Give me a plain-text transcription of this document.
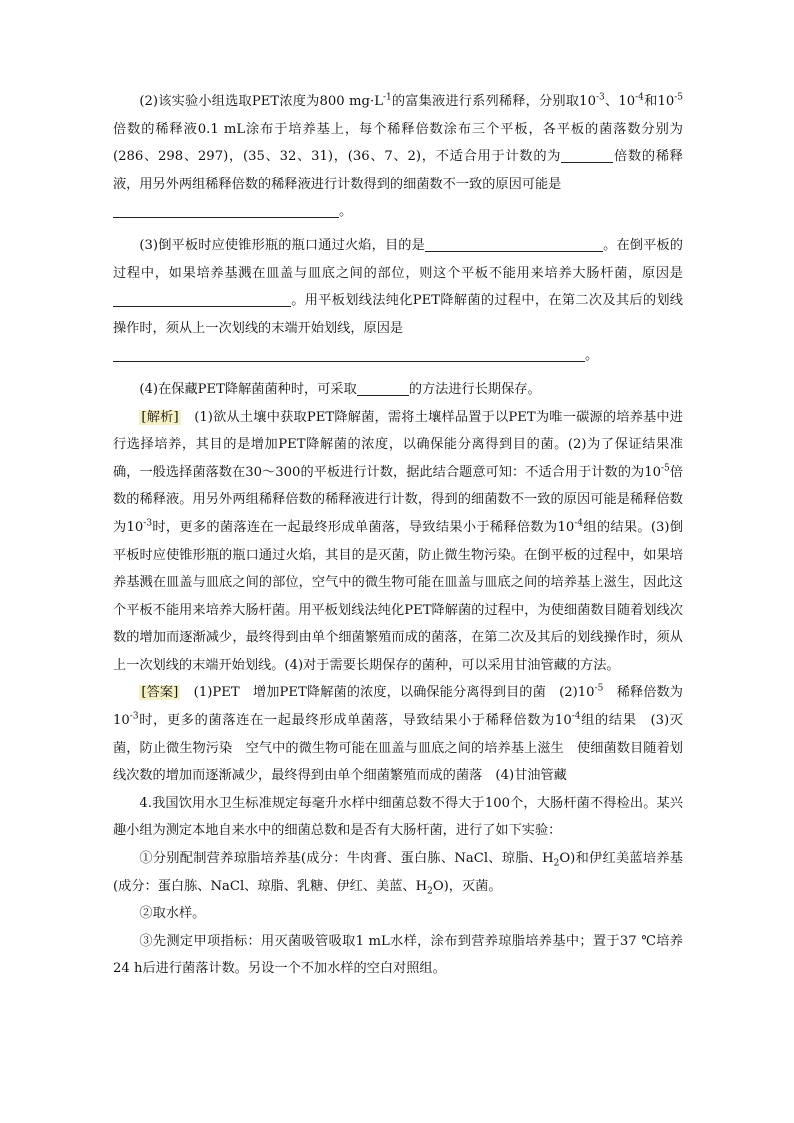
(2)该实验小组选取PET浓度为800 $mg\cdot L^{-1}$的富集液进行系列稀释，分别取$10^{-3}$、$10^{-4}$和$10^{-5}$倍数的稀释液0.1 mL涂布于培养基上，每个稀释倍数涂布三个平板，各平板的菌落数分别为(286、298、297)，(35、32、31)，(36、7、2)，不适合用于计数的为	倍数的稀释液，用另外两组稀释倍数的稀释液进行计数得到的细菌数不一致的原因可能是
。

(3)倒平板时应使锥形瓶的瓶口通过火焰，目的是	。在倒平板的过程中，如果培养基溅在皿盖与皿底之间的部位，则这个平板不能用来培养大肠杆菌，原因是。用平板划线法纯化PET降解菌的过程中，在第二次及其后的划线操作时，须从上一次划线的末端开始划线，原因是
。

(4)在保藏PET降解菌菌种时，可采取	的方法进行长期保存。

[解析]　(1)欲从土壤中获取PET降解菌，需将土壤样品置于以PET为唯一碳源的培养基中进行选择培养，其目的是增加PET降解菌的浓度，以确保能分离得到目的菌。(2)为了保证结果准确，一般选择菌落数在30～300的平板进行计数，据此结合题意可知：不适合用于计数的为$10^{-5}$倍数的稀释液。用另外两组稀释倍数的稀释液进行计数，得到的细菌数不一致的原因可能是稀释倍数为$10^{-3}$时，更多的菌落连在一起最终形成单菌落，导致结果小于稀释倍数为$10^{-4}$组的结果。(3)倒平板时应使锥形瓶的瓶口通过火焰，其目的是灭菌，防止微生物污染。在倒平板的过程中，如果培养基溅在皿盖与皿底之间的部位，空气中的微生物可能在皿盖与皿底之间的培养基上滋生，因此这个平板不能用来培养大肠杆菌。用平板划线法纯化PET降解菌的过程中，为使细菌数目随着划线次数的增加而逐渐减少，最终得到由单个细菌繁殖而成的菌落，在第二次及其后的划线操作时，须从上一次划线的末端开始划线。(4)对于需要长期保存的菌种，可以采用甘油管藏的方法。

[答案]　(1)PET　增加PET降解菌的浓度，以确保能分离得到目的菌　$(2)10^{-5}$　稀释倍数为$10^{-3}$时，更多的菌落连在一起最终形成单菌落，导致结果小于稀释倍数为$10^{-4}$组的结果　(3)灭菌，防止微生物污染　空气中的微生物可能在皿盖与皿底之间的培养基上滋生　使细菌数目随着划线次数的增加而逐渐减少，最终得到由单个细菌繁殖而成的菌落　(4)甘油管藏

4.我国饮用水卫生标准规定每毫升水样中细菌总数不得大于100个，大肠杆菌不得检出。某兴趣小组为测定本地自来水中的细菌总数和是否有大肠杆菌，进行了如下实验：

①分别配制营养琼脂培养基(成分：牛肉膏、蛋白胨、NaCl、琼脂、$H_2O$)和伊红美蓝培养基(成分：蛋白胨、NaCl、琼脂、乳糖、伊红、美蓝、$H_2O$)，灭菌。

②取水样。

③先测定甲项指标：用灭菌吸管吸取1 mL水样，涂布到营养琼脂培养基中；置于37 ℃培养24 h后进行菌落计数。另设一个不加水样的空白对照组。
